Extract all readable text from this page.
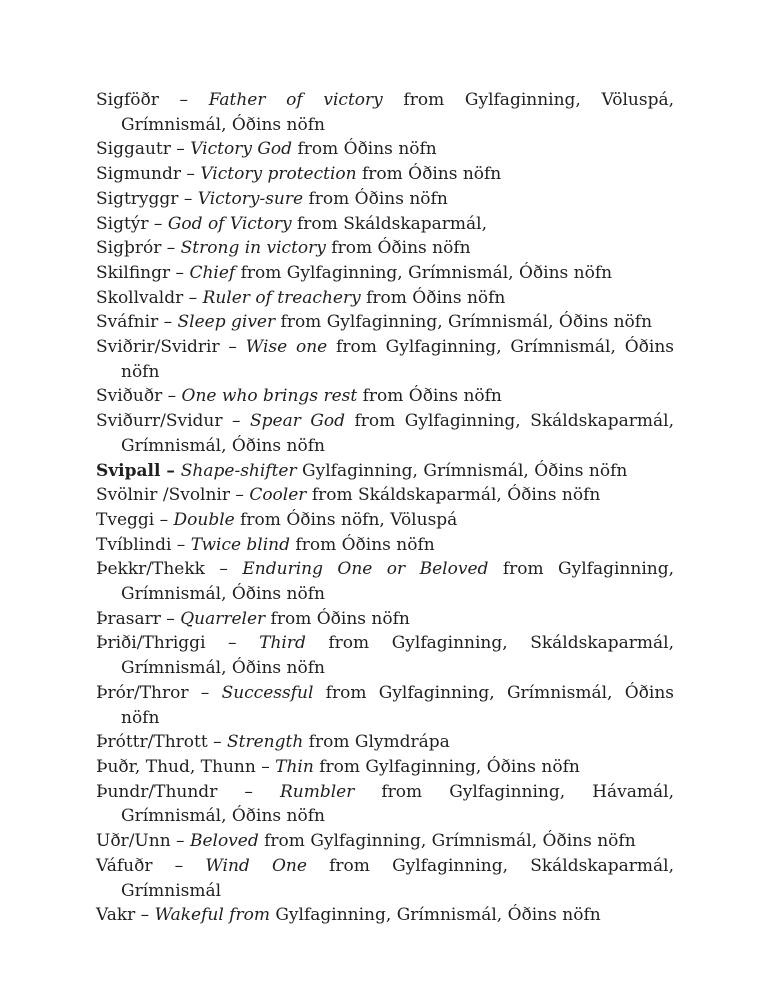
Sigföðr – Father of victory from Gylfaginning, Völuspá, Grímnismál, Óðins nöfn

Siggautr – Victory God from Óðins nöfn

Sigmundr – Victory protection from Óðins nöfn

Sigtryggr – Victory-sure from Óðins nöfn

Sigtýr – God of Victory from Skáldskaparmál,

Sigþrór – Strong in victory from Óðins nöfn

Skilfingr – Chief from Gylfaginning, Grímnismál, Óðins nöfn

Skollvaldr – Ruler of treachery from Óðins nöfn

Sváfnir – Sleep giver from Gylfaginning, Grímnismál, Óðins nöfn

Sviðrir/Svidrir – Wise one from Gylfaginning, Grímnismál, Óðins nöfn

Sviðuðr – One who brings rest from Óðins nöfn

Sviðurr/Svidur – Spear God from Gylfaginning, Skáldskaparmál, Grímnismál, Óðins nöfn

Svipall – Shape-shifter Gylfaginning, Grímnismál, Óðins nöfn

Svölnir /Svolnir – Cooler from Skáldskaparmál, Óðins nöfn

Tveggi – Double from Óðins nöfn, Völuspá

Tvíblindi – Twice blind from Óðins nöfn

Þekkr/Thekk – Enduring One or Beloved from Gylfaginning, Grímnismál, Óðins nöfn

Þrasarr – Quarreler from Óðins nöfn

Þriði/Thriggi – Third from Gylfaginning, Skáldskaparmál, Grímnismál, Óðins nöfn

Þrór/Thror – Successful from Gylfaginning, Grímnismál, Óðins nöfn

Þróttr/Thrott – Strength from Glymdrápa

Þuðr, Thud, Thunn – Thin from Gylfaginning, Óðins nöfn

Þundr/Thundr – Rumbler from Gylfaginning, Hávamál, Grímnismál, Óðins nöfn

Uðr/Unn – Beloved from Gylfaginning, Grímnismál, Óðins nöfn

Váfuðr – Wind One from Gylfaginning, Skáldskaparmál, Grímnismál

Vakr – Wakeful from Gylfaginning, Grímnismál, Óðins nöfn
